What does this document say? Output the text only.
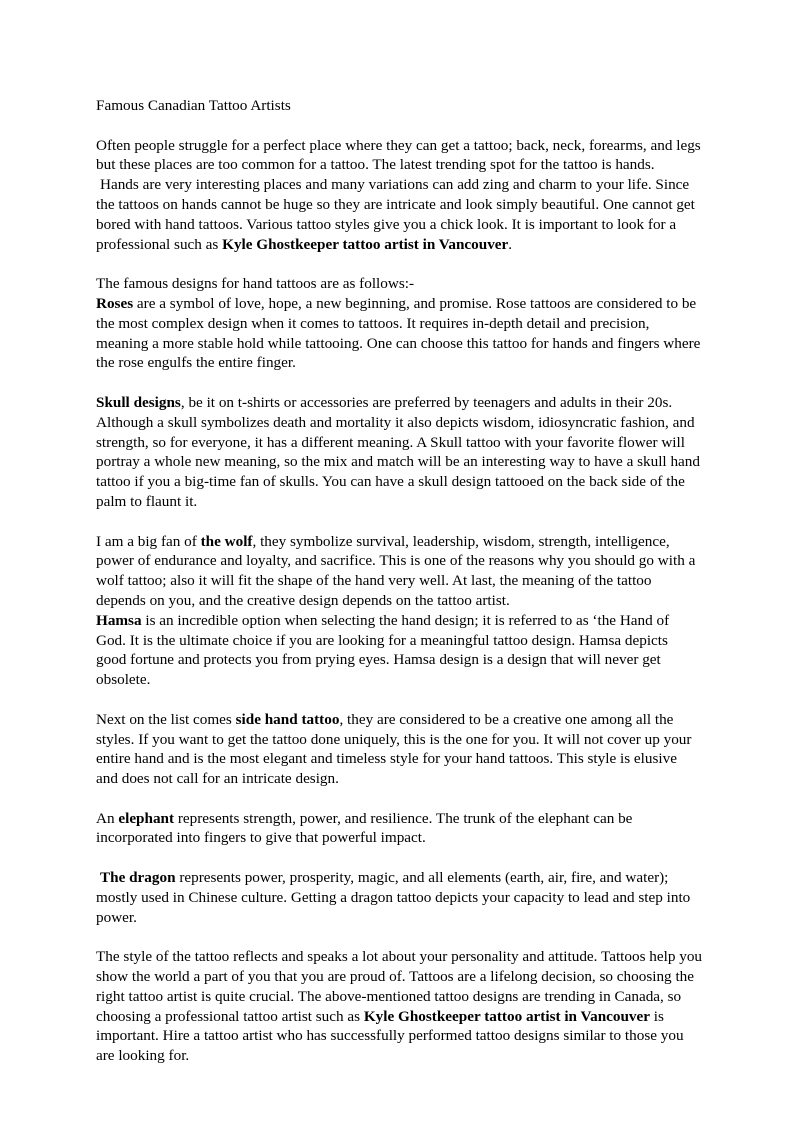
Famous Canadian Tattoo Artists

Often people struggle for a perfect place where they can get a tattoo; back, neck, forearms, and legs but these places are too common for a tattoo. The latest trending spot for the tattoo is hands.

Hands are very interesting places and many variations can add zing and charm to your life. Since the tattoos on hands cannot be huge so they are intricate and look simply beautiful. One cannot get bored with hand tattoos. Various tattoo styles give you a chick look. It is important to look for a professional such as Kyle Ghostkeeper tattoo artist in Vancouver.

The famous designs for hand tattoos are as follows:-

Roses are a symbol of love, hope, a new beginning, and promise. Rose tattoos are considered to be the most complex design when it comes to tattoos. It requires in-depth detail and precision, meaning a more stable hold while tattooing. One can choose this tattoo for hands and fingers where the rose engulfs the entire finger.

Skull designs, be it on t-shirts or accessories are preferred by teenagers and adults in their 20s. Although a skull symbolizes death and mortality it also depicts wisdom, idiosyncratic fashion, and strength, so for everyone, it has a different meaning. A Skull tattoo with your favorite flower will portray a whole new meaning, so the mix and match will be an interesting way to have a skull hand tattoo if you a big-time fan of skulls. You can have a skull design tattooed on the back side of the palm to flaunt it.

I am a big fan of the wolf, they symbolize survival, leadership, wisdom, strength, intelligence, power of endurance and loyalty, and sacrifice. This is one of the reasons why you should go with a wolf tattoo; also it will fit the shape of the hand very well. At last, the meaning of the tattoo depends on you, and the creative design depends on the tattoo artist.

Hamsa is an incredible option when selecting the hand design; it is referred to as ‘the Hand of God. It is the ultimate choice if you are looking for a meaningful tattoo design. Hamsa depicts good fortune and protects you from prying eyes. Hamsa design is a design that will never get obsolete.

Next on the list comes side hand tattoo, they are considered to be a creative one among all the styles. If you want to get the tattoo done uniquely, this is the one for you. It will not cover up your entire hand and is the most elegant and timeless style for your hand tattoos. This style is elusive and does not call for an intricate design.

An elephant represents strength, power, and resilience. The trunk of the elephant can be incorporated into fingers to give that powerful impact.

The dragon represents power, prosperity, magic, and all elements (earth, air, fire, and water); mostly used in Chinese culture. Getting a dragon tattoo depicts your capacity to lead and step into power.

The style of the tattoo reflects and speaks a lot about your personality and attitude. Tattoos help you show the world a part of you that you are proud of. Tattoos are a lifelong decision, so choosing the right tattoo artist is quite crucial. The above-mentioned tattoo designs are trending in Canada, so choosing a professional tattoo artist such as Kyle Ghostkeeper tattoo artist in Vancouver is important. Hire a tattoo artist who has successfully performed tattoo designs similar to those you are looking for.
